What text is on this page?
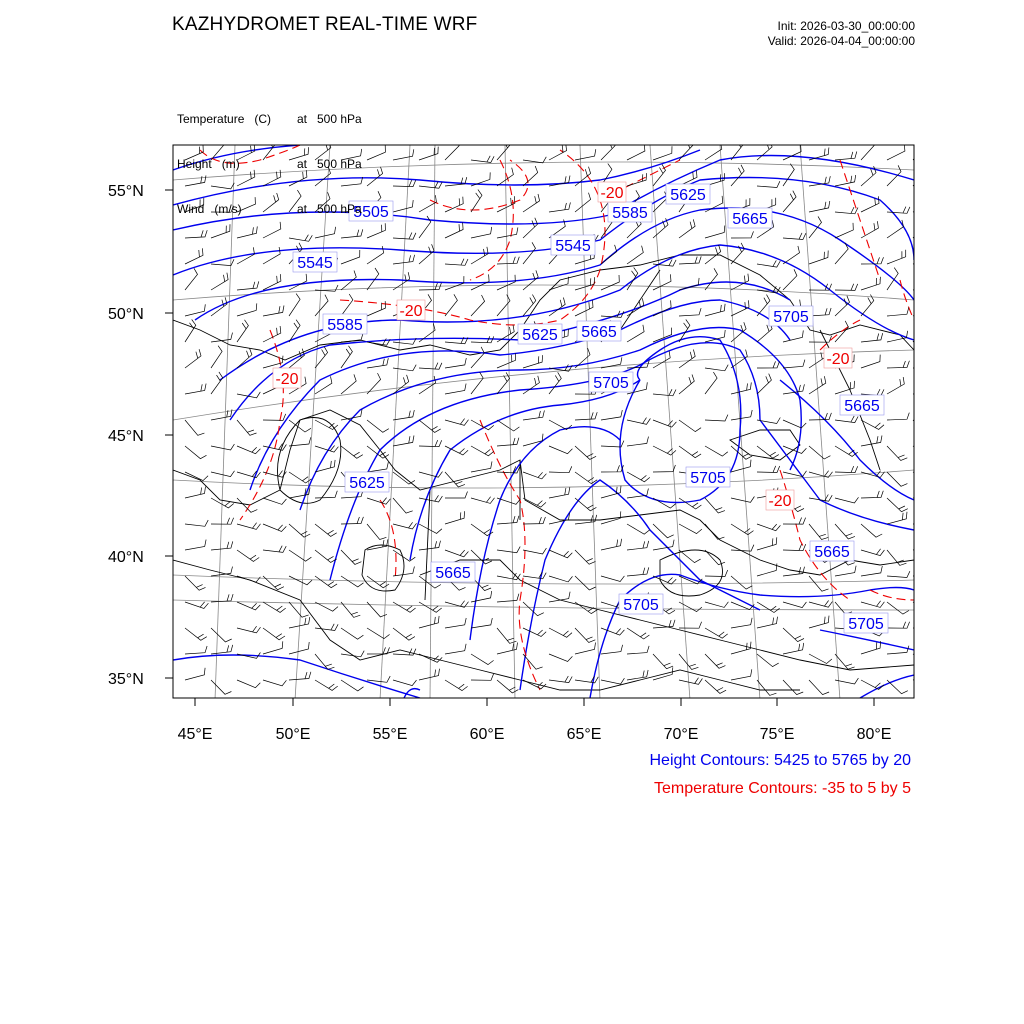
55°N
50°N
45°N
40°N
35°N
45°E	50°E	55°E	60°E	65°E	70°E	75°E	80°E
5505
5545
5585
5625
5665
5705
5545
5585
5625
5625 5665
5665
5705
5705
5665
5705
5665
5705
-20
-20
-20
-20
-20
KAZHYDROMET REAL-TIME WRF	Init: 2026-03-30_00:00:00
Valid: 2026-04-04_00:00:00

Temperature (C)	at   500 hPa

Height (m)	at   500 hPa

Wind (m/s)	at   500 hPa

Height Contours: 5425 to 5765 by 20
Temperature Contours: -35 to 5 by 5
